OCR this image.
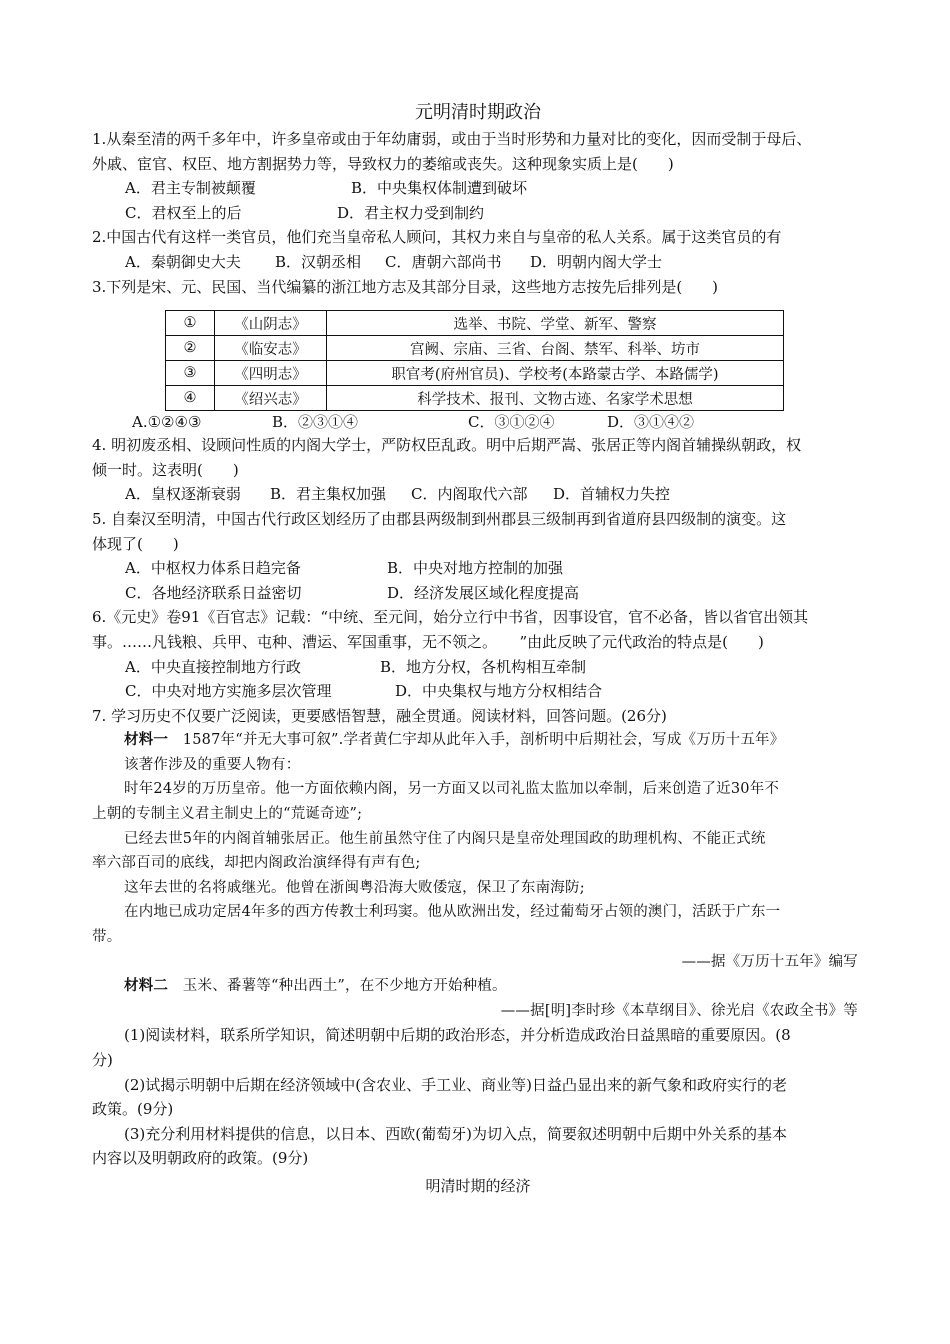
元明清时期政治
1.从秦至清的两千多年中，许多皇帝或由于年幼庸弱，或由于当时形势和力量对比的变化，因而受制于母后、
外戚、宦官、权臣、地方割据势力等，导致权力的萎缩或丧失。这种现象实质上是(　　)
A．君主专制被颠覆	B．中央集权体制遭到破坏
C．君权至上的后	D．君主权力受到制约
2.中国古代有这样一类官员，他们充当皇帝私人顾问，其权力来自与皇帝的私人关系。属于这类官员的有
A．秦朝御史大夫 B．汉朝丞相 C．唐朝六部尚书 D．明朝内阁大学士
3.下列是宋、元、民国、当代编纂的浙江地方志及其部分目录，这些地方志按先后排列是(　　)
①	《山阴志》	选举、书院、学堂、新军、警察
②	《临安志》	宫阙、宗庙、三省、台阁、禁军、科举、坊市
③	《四明志》	职官考(府州官员)、学校考(本路蒙古学、本路儒学)
④	《绍兴志》	科学技术、报刊、文物古迹、名家学术思想
A.①②④③	B．②③①④	C．③①②④	D．③①④②
4. 明初废丞相、设顾问性质的内阁大学士，严防权臣乱政。明中后期严嵩、张居正等内阁首辅操纵朝政，权
倾一时。这表明(　　)
A．皇权逐渐衰弱 B．君主集权加强 C．内阁取代六部 D．首辅权力失控
5. 自秦汉至明清，中国古代行政区划经历了由郡县两级制到州郡县三级制再到省道府县四级制的演变。这
体现了(　　)
A．中枢权力体系日趋完备	B．中央对地方控制的加强
C．各地经济联系日益密切	D．经济发展区域化程度提高
6.《元史》卷91《百官志》记载：“中统、至元间，始分立行中书省，因事设官，官不必备，皆以省官出领其
事。……凡钱粮、兵甲、屯种、漕运、军国重事，无不领之。　　”由此反映了元代政治的特点是(　　)
A．中央直接控制地方行政	B．地方分权，各机构相互牵制
C．中央对地方实施多层次管理	D．中央集权与地方分权相结合
7. 学习历史不仅要广泛阅读，更要感悟智慧，融全贯通。阅读材料，回答问题。(26分)
材料一　1587年“并无大事可叙”.学者黄仁宇却从此年入手，剖析明中后期社会，写成《万历十五年》
该著作涉及的重要人物有：
时年24岁的万历皇帝。他一方面依赖内阁，另一方面又以司礼监太监加以牵制，后来创造了近30年不
上朝的专制主义君主制史上的“荒诞奇迹”;
已经去世5年的内阁首辅张居正。他生前虽然守住了内阁只是皇帝处理国政的助理机构、不能正式统
率六部百司的底线，却把内阁政治演绎得有声有色;
这年去世的名将戚继光。他曾在浙闽粤沿海大败倭寇，保卫了东南海防;
在内地已成功定居4年多的西方传教士利玛窦。他从欧洲出发，经过葡萄牙占领的澳门，活跃于广东一
带。
——据《万历十五年》编写
材料二　玉米、番薯等“种出西土”，在不少地方开始种植。
——据[明]李时珍《本草纲目》、徐光启《农政全书》等
(1)阅读材料，联系所学知识，简述明朝中后期的政治形态，并分析造成政治日益黑暗的重要原因。(8
分)
(2)试揭示明朝中后期在经济领域中(含农业、手工业、商业等)日益凸显出来的新气象和政府实行的老
政策。(9分)
(3)充分利用材料提供的信息，以日本、西欧(葡萄牙)为切入点，简要叙述明朝中后期中外关系的基本
内容以及明朝政府的政策。(9分)
明清时期的经济
